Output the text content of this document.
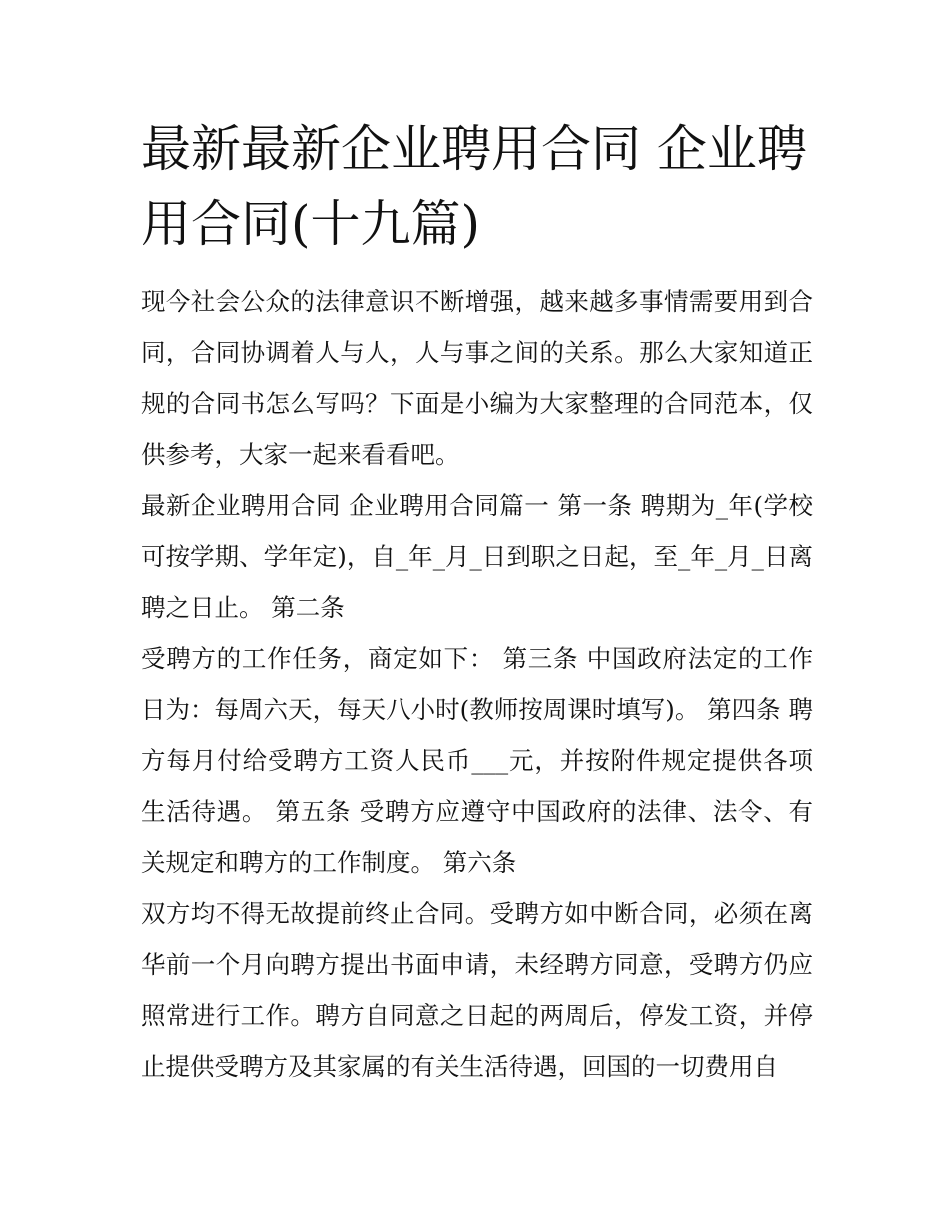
最新最新企业聘用合同 企业聘用合同(十九篇)

现今社会公众的法律意识不断增强，越来越多事情需要用到合同，合同协调着人与人，人与事之间的关系。那么大家知道正规的合同书怎么写吗？下面是小编为大家整理的合同范本，仅供参考，大家一起来看看吧。

最新企业聘用合同 企业聘用合同篇一 第一条 聘期为_年(学校可按学期、学年定)，自_年_月_日到职之日起，至_年_月_日离聘之日止。 第二条

受聘方的工作任务，商定如下： 第三条 中国政府法定的工作日为：每周六天，每天八小时(教师按周课时填写)。 第四条 聘方每月付给受聘方工资人民币___元，并按附件规定提供各项生活待遇。 第五条 受聘方应遵守中国政府的法律、法令、有关规定和聘方的工作制度。 第六条

双方均不得无故提前终止合同。受聘方如中断合同，必须在离华前一个月向聘方提出书面申请，未经聘方同意，受聘方仍应照常进行工作。聘方自同意之日起的两周后，停发工资，并停止提供受聘方及其家属的有关生活待遇，回国的一切费用自
